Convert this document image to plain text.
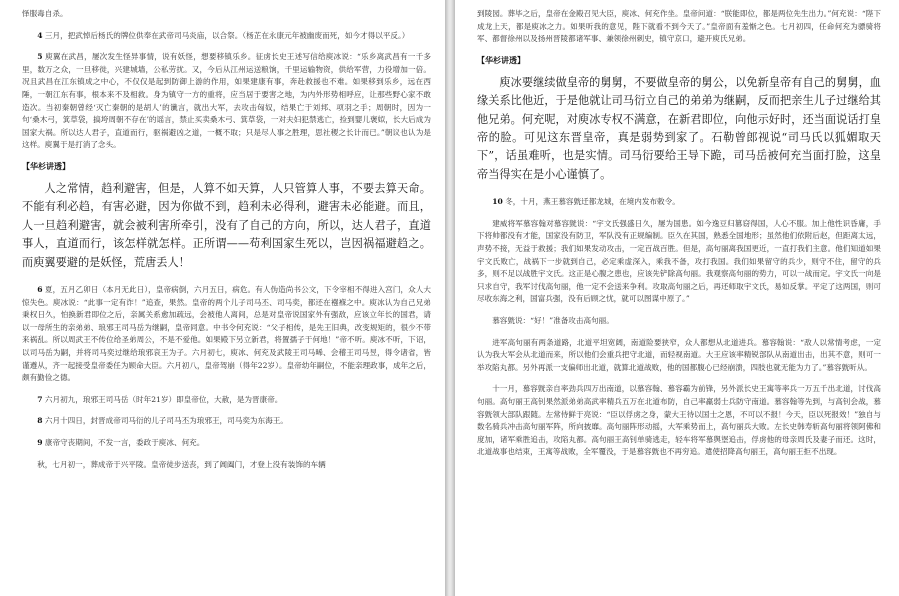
怿服毒自杀。

4 三月，把武悼后杨氏的牌位供奉在武帝司马炎庙，以合祭。（杨芷在永康元年被幽废而死，如今才得以平反。）

5 庾翼在武昌，屡次发生怪异事情，说有妖怪，想要移镇乐乡。征虏长史王述写信给庾冰说：“乐乡离武昌有一千多里，数万之众，一旦移徙，兴建城墙，公私劳扰。又，今后从江州运送粮饷，千里运输物资，供给军营，力役增加一倍。况且武昌在江东镇成之中心，不仅仅是起到防御上游的作用，如果建康有事，奔赴救援也不难。如果移到乐乡，远在西陲，一朝江东有事，根本来不及相救。身为镇守一方的重将，应当居于要害之地，为内外形势相呼应，让那些野心家不敢造次。当初秦朝曾经‘灭亡秦朝的是胡人’的谶言，就出大军，去攻击匈奴，结果亡于刘邦、项羽之手；周朝时，因为一句‘桑木弓，箕草袋，搞垮周朝不存在’的谣言，禁止买卖桑木弓、箕草袋，一对夫妇犯禁逃亡，捡到婴儿褒姒，长大后成为国家大祸。所以达人君子，直道而行，驱祸避凶之道，一概不取；只是尽人事之胜理，思社稷之长计而已。”朝议也认为是这样。庾翼于是打消了念头。

【华杉讲透】

人之常情，趋利避害，但是，人算不如天算，人只管算人事，不要去算天命。不能有利必趋，有害必避，因为你做不到，趋利未必得利，避害未必能避。而且，人一旦趋利避害，就会被利害所牵引，没有了自己的方向，所以，达人君子，直道事人，直道而行，该怎样就怎样。正所谓——苟利国家生死以，岂因祸福避趋之。而庾翼要避的是妖怪，荒唐丢人！

6 夏，五月乙卯日（本月无此日），皇帝病倒，六月五日，病危。有人伪造尚书公文，下令宰相不得进入宫门，众人大惊失色。庾冰说：“此事一定有诈！”追查，果然。皇帝的两个儿子司马丕、司马奕，都还在襁褓之中。庾冰认为自己兄弟秉权日久，怕换新君即位之后，亲属关系愈加疏远，会被他人离间，总是对皇帝说国家外有强敌，应该立年长的国君，请以一母所生的亲弟弟、琅邪王司马岳为继嗣，皇帝同意。中书令何充说：“父子相传，是先王旧典，改变规矩的，很少不带来祸乱。所以周武王不传位给圣弟周公，不是不爱他。如果殿下另立新君，将置孺子于何地！”帝不听。庾冰不听，下诏，以司马岳为嗣，并将司马奕过继给琅邪哀王为子。六月初七，庾冰、何充及武陵王司马晞、会稽王司马昱，得令诸省，皆谨遵从，齐一起接受皇帝委任为顾命大臣。六月初八，皇帝驾崩（得年22岁）。皇帝幼年嗣位，不能亲理政事，成年之后，颇有勤俭之德。

7 六月初九，琅邪王司马岳（时年21岁）即皇帝位，大赦，是为晋康帝。

8 六月十四日，封晋成帝司马衍的儿子司马丕为琅邪王，司马奕为东海王。

9 康帝守丧期间，不发一言，委政于庾冰、何充。

秋，七月初一，葬成帝于兴平陵。皇帝徒步送丧，到了阊阖门，才登上没有装饰的车辆

到陵园。葬毕之后，皇帝在金殿召见大臣，庾冰、何充作坐。皇帝问道：“朕能即位，都是两位先生出力。”何充说：“陛下成龙上天，都是庾冰之力。如果听我的意见，陛下就看不到今天了。”皇帝面有羞惭之色。七月初四，任命何充为骠骑将军、都督徐州以及扬州晋陵都诸军事、兼领徐州刺史，镇守京口，避开庾氏兄弟。

【华杉讲透】

庾冰要继续做皇帝的舅舅，不要做皇帝的舅公，以免新皇帝有自己的舅舅，血缘关系比他近，于是他就让司马衍立自己的弟弟为继嗣，反而把亲生儿子过继给其他兄弟。何充呢，对庾冰专权不满意，在新君即位，向他示好时，还当面说话打皇帝的脸。可见这东晋皇帝，真是弱势到家了。石勒曾郎视说“司马氏以狐媚取天下”，话虽难听，也是实情。司马衍要给王导下跪，司马岳被何充当面打脸，这皇帝当得实在是小心谨慎了。

10 冬，十月，燕王慕容皝迁都龙城，在境内发布敕令。

建威将军慕容翰对慕容皝说：“宇文氏强盛日久，屡为国患。如今逸豆归篡窃得国，人心不服。加上他性识昏庸，手下将帅都没有才能，国家没有防卫，军队没有正规编制。臣久在其国，熟悉全国地形；虽然他们依附后赵，但距离太远，声势不接，无益于救援；我们如果发动攻击，一定百战百胜。但是，高句丽离我国更近，一直打我们主意。他们知道如果宇文氏败亡，战祸下一步就到自己，必定乘虚深入，乘我不备，攻打我国。我们如果留守的兵少，则守不住，留守的兵多，则不足以战胜宇文氏。这正是心腹之患也，应该先铲除高句丽。我观察高句丽的势力，可以一战而定。宇文氏一向是只求自守，我军讨伐高句丽，他一定不会送来争利。攻取高句丽之后，再还师取宇文氏，易如反掌。平定了这两国，则可尽收东海之利，国富兵强，没有后顾之忧，就可以图谋中原了。”

慕容皝说：“好！”准备攻击高句丽。

进军高句丽有两条道路，北道平坦宽阔，南道险要狭窄，众人都想从北道进兵。慕容翰说：“敌人以常情考虑，一定认为我大军会从北道而来，所以他们会重兵把守北道，而轻视南道。大王应该率精锐部队从南道出击，出其不意，则可一举攻陷丸都。另外再派一支偏师出北道，就算北道战败，他的国都腹心已经崩溃，四肢也就无能为力了。”慕容皝听从。

十一月，慕容皝亲自率劲兵四万出南道，以慕容翰、慕容霸为前锋，另外派长史王寓等率兵一万五千出北道，讨伐高句丽。高句丽王高钊果然派弟弟高武率精兵五万在北道布防，自己率羸弱士兵防守南道。慕容翰等先到，与高钊会战，慕容皝领大部队跟随。左常侍鲜于亮说：“臣以俘虏之身，蒙大王待以国士之恩，不可以不报！今天，臣以死报效！”独自与数名骑兵冲击高句丽军阵，所向披靡。高句丽阵形动摇，大军乘势而上，高句丽兵大败。左长史韩寿斩高句丽将领阿佛和度加，诸军乘胜追击，攻陷丸都。高句丽王高钊单骑逃走，轻车将军慕舆埿追击，俘虏他的母亲周氏及妻子而还。这时，北道战事也结束，王寓等战败，全军覆没，于是慕容皝也不再穷追。遣使招降高句丽王，高句丽王拒不出现。
